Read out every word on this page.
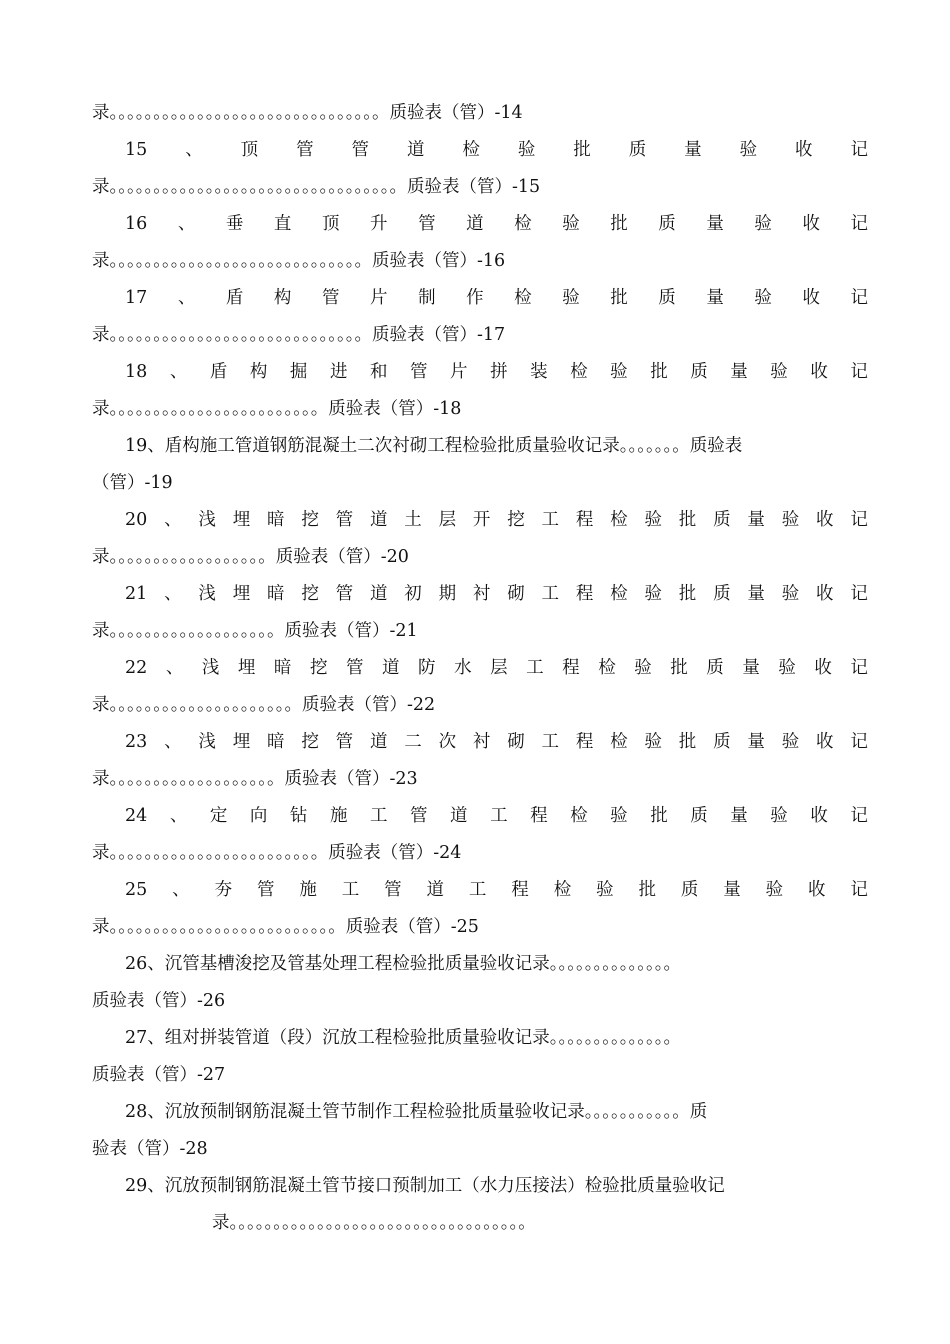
录。。。。。。。。。。。。。。。。。。。。。。。。。。。。。。。质验表（管）-14
15 、 顶 管 管 道 检 验 批 质 量 验 收 记
录。。。。。。。。。。。。。。。。。。。。。。。。。。。。。。。。。质验表（管）-15
16 、 垂 直 顶 升 管 道 检 验 批 质 量 验 收 记
录。。。。。。。。。。。。。。。。。。。。。。。。。。。。。质验表（管）-16
17 、 盾 构 管 片 制 作 检 验 批 质 量 验 收 记
录。。。。。。。。。。。。。。。。。。。。。。。。。。。。。质验表（管）-17
18 、 盾 构 掘 进 和 管 片 拼 装 检 验 批 质 量 验 收 记
录。。。。。。。。。。。。。。。。。。。。。。。。质验表（管）-18
19、盾构施工管道钢筋混凝土二次衬砌工程检验批质量验收记录。。。。。。。质验表
（管）-19
20 、 浅 埋 暗 挖 管 道 土 层 开 挖 工 程 检 验 批 质 量 验 收 记
录。。。。。。。。。。。。。。。。。。质验表（管）-20
21 、 浅 埋 暗 挖 管 道 初 期 衬 砌 工 程 检 验 批 质 量 验 收 记
录。。。。。。。。。。。。。。。。。。。质验表（管）-21
22 、 浅 埋 暗 挖 管 道 防 水 层 工 程 检 验 批 质 量 验 收 记
录。。。。。。。。。。。。。。。。。。。。。质验表（管）-22
23 、 浅 埋 暗 挖 管 道 二 次 衬 砌 工 程 检 验 批 质 量 验 收 记
录。。。。。。。。。。。。。。。。。。。质验表（管）-23
24 、 定 向 钻 施 工 管 道 工 程 检 验 批 质 量 验 收 记
录。。。。。。。。。。。。。。。。。。。。。。。。质验表（管）-24
25 、 夯 管 施 工 管 道 工 程 检 验 批 质 量 验 收 记
录。。。。。。。。。。。。。。。。。。。。。。。。。。质验表（管）-25
26、沉管基槽浚挖及管基处理工程检验批质量验收记录。。。。。。。。。。。。。。
质验表（管）-26
27、组对拼装管道（段）沉放工程检验批质量验收记录。。。。。。。。。。。。。。
质验表（管）-27
28、沉放预制钢筋混凝土管节制作工程检验批质量验收记录。。。。。。。。。。。质
验表（管）-28
29、沉放预制钢筋混凝土管节接口预制加工（水力压接法）检验批质量验收记
录。。。。。。。。。。。。。。。。。。。。。。。。。。。。。。。。。。
